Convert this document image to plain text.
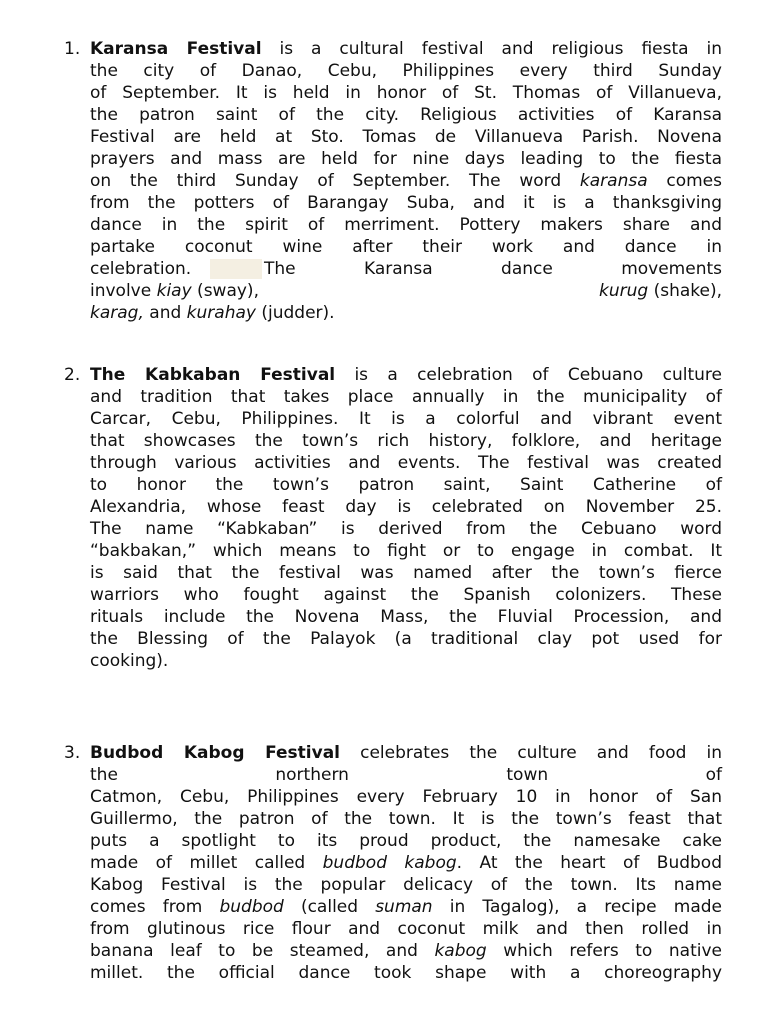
1. Karansa Festival is a cultural festival and religious fiesta in
the city of Danao, Cebu, Philippines every third Sunday
of September. It is held in honor of St. Thomas of Villanueva,
the patron saint of the city. Religious activities of Karansa
Festival are held at Sto. Tomas de Villanueva Parish. Novena
prayers and mass are held for nine days leading to the fiesta
on the third Sunday of September. The word karansa comes
from the potters of Barangay Suba, and it is a thanksgiving
dance in the spirit of merriment. Pottery makers share and
partake coconut wine after their work and dance in
celebration.	The Karansa dance movements
involve kiay (sway),	kurug (shake),
karag, and kurahay (judder).
2. The Kabkaban Festival is a celebration of Cebuano culture
and tradition that takes place annually in the municipality of
Carcar, Cebu, Philippines. It is a colorful and vibrant event
that showcases the town’s rich history, folklore, and heritage
through various activities and events. The festival was created
to honor the town’s patron saint, Saint Catherine of
Alexandria, whose feast day is celebrated on November 25.
The name “Kabkaban” is derived from the Cebuano word
“bakbakan,” which means to fight or to engage in combat. It
is said that the festival was named after the town’s fierce
warriors who fought against the Spanish colonizers. These
rituals include the Novena Mass, the Fluvial Procession, and
the Blessing of the Palayok (a traditional clay pot used for
cooking).
3. Budbod Kabog Festival celebrates the culture and food in
the	northern	town	of
Catmon, Cebu, Philippines every February 10 in honor of San
Guillermo, the patron of the town. It is the town’s feast that
puts a spotlight to its proud product, the namesake cake
made of millet called budbod kabog. At the heart of Budbod
Kabog Festival is the popular delicacy of the town. Its name
comes from budbod (called suman in Tagalog), a recipe made
from glutinous rice flour and coconut milk and then rolled in
banana leaf to be steamed, and kabog which refers to native
millet. the official dance took shape with a choreography
